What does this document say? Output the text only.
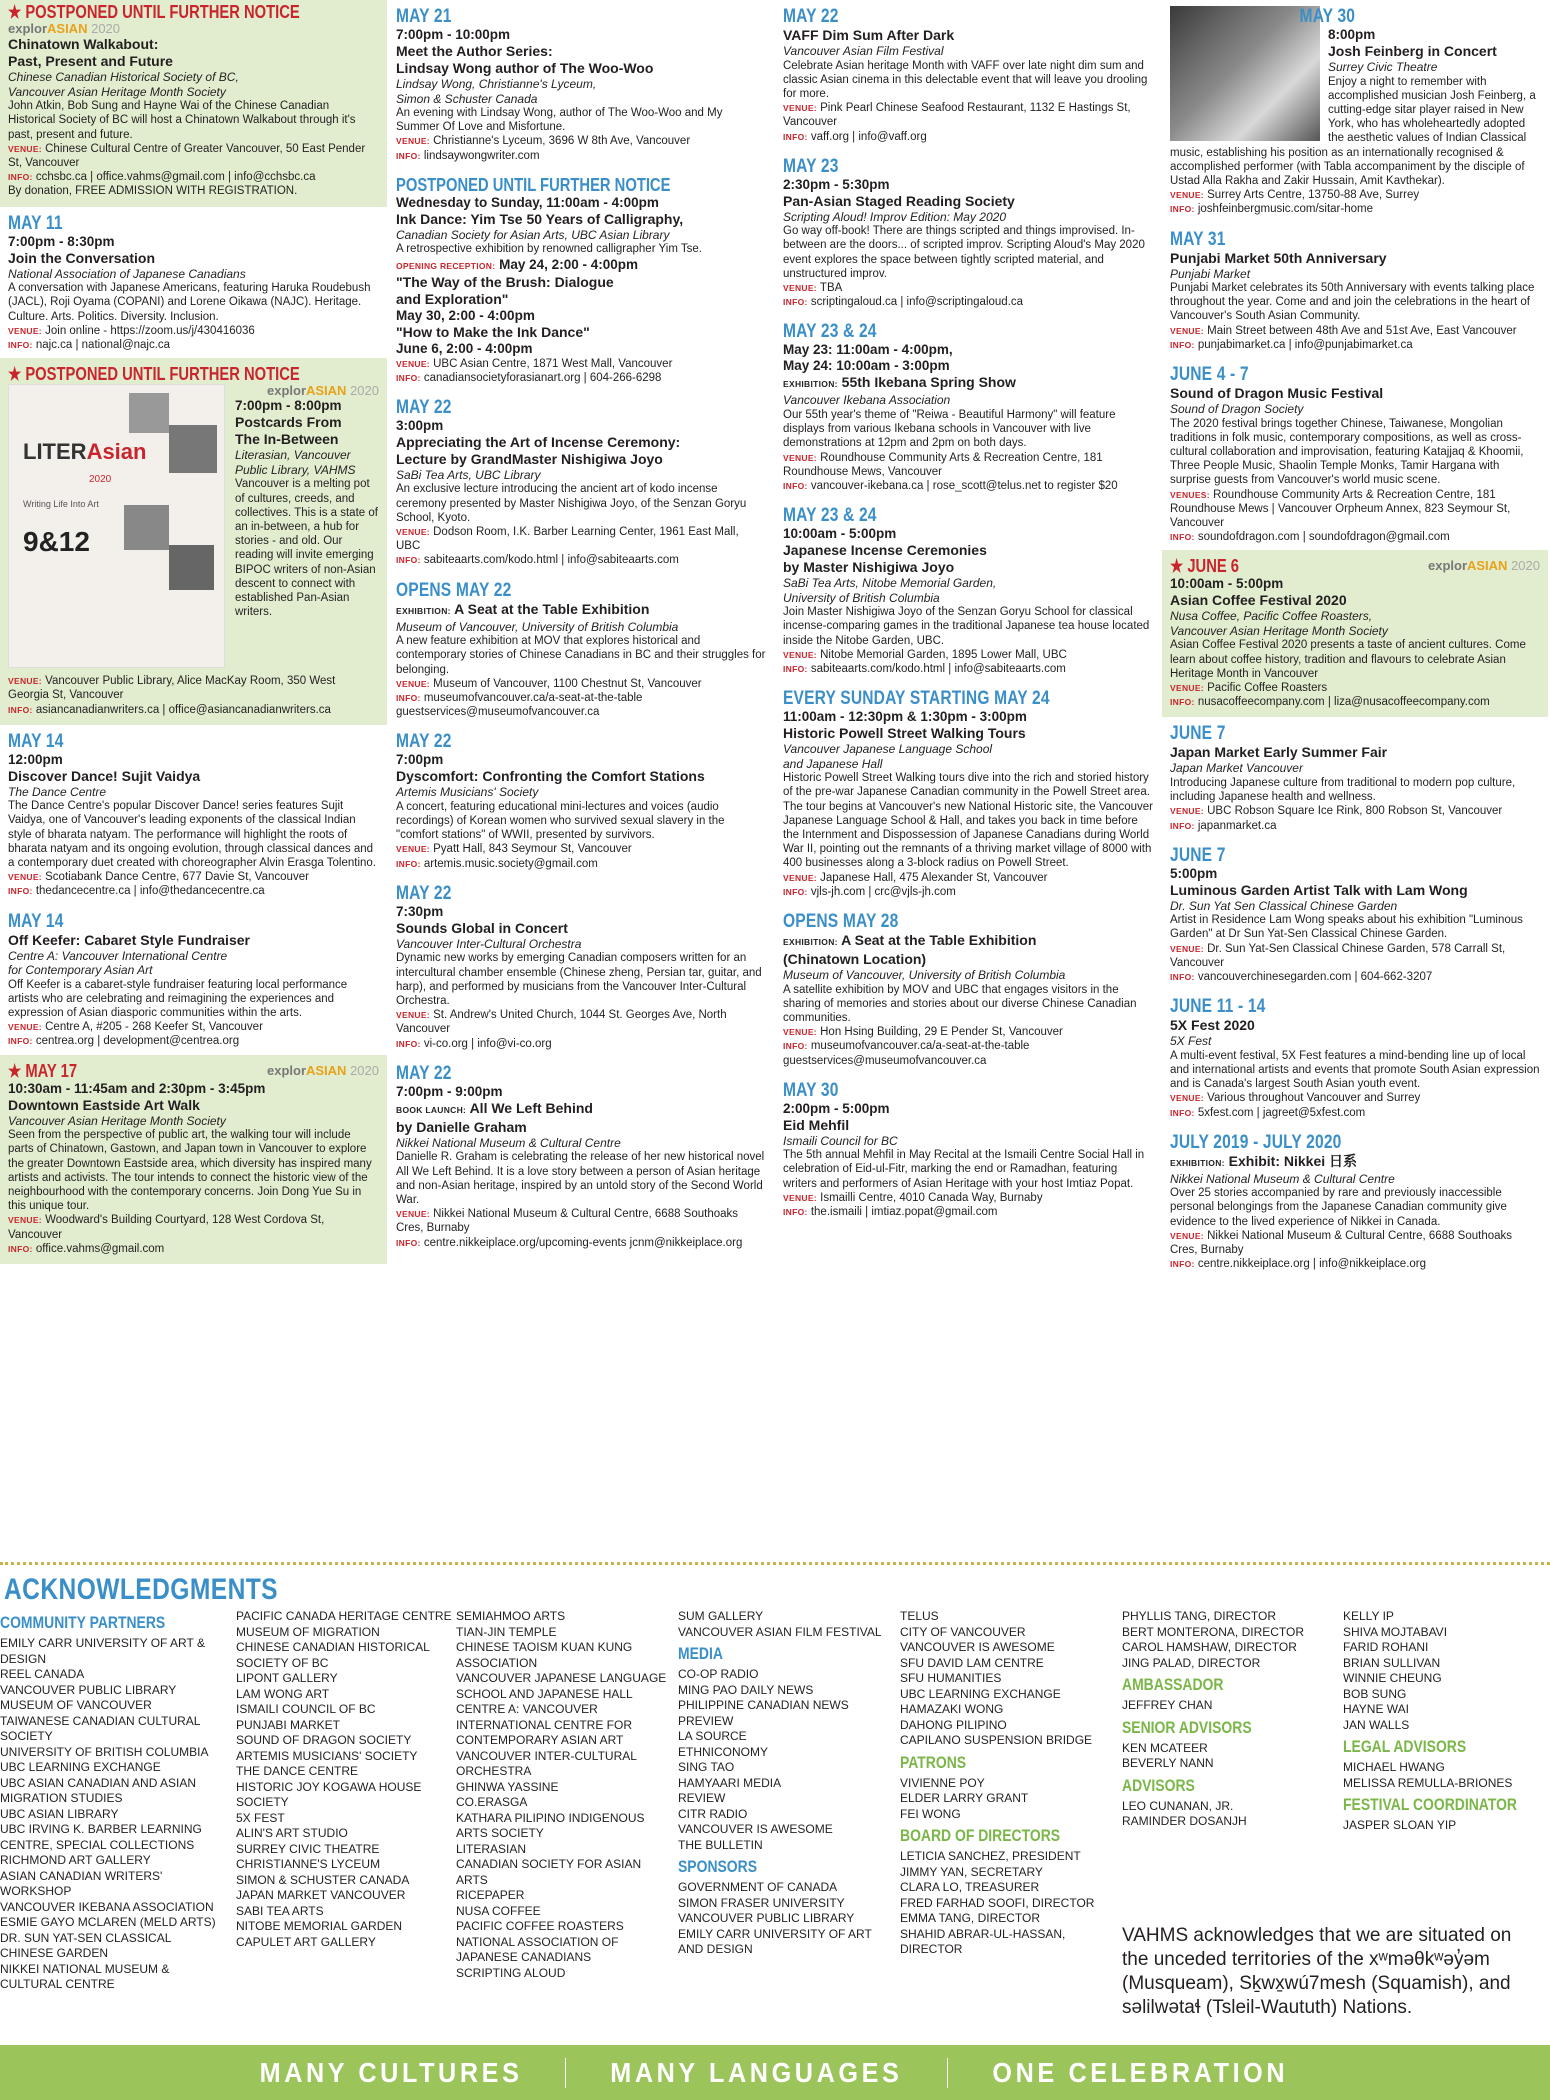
★ POSTPONED UNTIL FURTHER NOTICE
explorASIAN 2020
Chinatown Walkabout:
Past, Present and Future
Chinese Canadian Historical Society of BC,
Vancouver Asian Heritage Month Society
John Atkin, Bob Sung and Hayne Wai of the Chinese Canadian Historical Society of BC will host a Chinatown Walkabout through it's past, present and future.
VENUE: Chinese Cultural Centre of Greater Vancouver, 50 East Pender St, Vancouver
INFO: cchsbc.ca | office.vahms@gmail.com | info@cchsbc.ca
By donation, FREE ADMISSION WITH REGISTRATION.
MAY 11
7:00pm - 8:30pm
Join the Conversation
National Association of Japanese Canadians
A conversation with Japanese Americans, featuring Haruka Roudebush (JACL), Roji Oyama (COPANI) and Lorene Oikawa (NAJC). Heritage. Culture. Arts. Politics. Diversity. Inclusion.
VENUE: Join online - https://zoom.us/j/430416036
INFO: najc.ca | national@najc.ca
★ POSTPONED UNTIL FURTHER NOTICE
LITERAsian
2020
Writing Life Into Art
9&12
explorASIAN 2020
7:00pm - 8:00pm
Postcards From
The In-Between
Literasian, Vancouver
Public Library, VAHMS
Vancouver is a melting pot of cultures, creeds, and collectives. This is a state of an in-between, a hub for stories - and old. Our reading will invite emerging BIPOC writers of non-Asian descent to connect with established Pan-Asian writers.
VENUE: Vancouver Public Library, Alice MacKay Room, 350 West Georgia St, Vancouver
INFO: asiancanadianwriters.ca | office@asiancanadianwriters.ca
MAY 14
12:00pm
Discover Dance! Sujit Vaidya
The Dance Centre
The Dance Centre's popular Discover Dance! series features Sujit Vaidya, one of Vancouver's leading exponents of the classical Indian style of bharata natyam. The performance will highlight the roots of bharata natyam and its ongoing evolution, through classical dances and a contemporary duet created with choreographer Alvin Erasga Tolentino.
VENUE: Scotiabank Dance Centre, 677 Davie St, Vancouver
INFO: thedancecentre.ca | info@thedancecentre.ca
MAY 14
Off Keefer: Cabaret Style Fundraiser
Centre A: Vancouver International Centre
for Contemporary Asian Art
Off Keefer is a cabaret-style fundraiser featuring local performance artists who are celebrating and reimagining the experiences and expression of Asian diasporic communities within the arts.
VENUE: Centre A, #205 - 268 Keefer St, Vancouver
INFO: centrea.org | development@centrea.org
★ MAY 17	explorASIAN 2020
10:30am - 11:45am and 2:30pm - 3:45pm
Downtown Eastside Art Walk
Vancouver Asian Heritage Month Society
Seen from the perspective of public art, the walking tour will include parts of Chinatown, Gastown, and Japan town in Vancouver to explore the greater Downtown Eastside area, which diversity has inspired many artists and activists. The tour intends to connect the historic view of the neighbourhood with the contemporary concerns. Join Dong Yue Su in this unique tour.
VENUE: Woodward's Building Courtyard, 128 West Cordova St, Vancouver
INFO: office.vahms@gmail.com
MAY 21
7:00pm - 10:00pm
Meet the Author Series:
Lindsay Wong author of The Woo-Woo
Lindsay Wong, Christianne's Lyceum,
Simon & Schuster Canada
An evening with Lindsay Wong, author of The Woo-Woo and My Summer Of Love and Misfortune.
VENUE: Christianne's Lyceum, 3696 W 8th Ave, Vancouver
INFO: lindsaywongwriter.com
POSTPONED UNTIL FURTHER NOTICE
Wednesday to Sunday, 11:00am - 4:00pm
Ink Dance: Yim Tse 50 Years of Calligraphy,
Canadian Society for Asian Arts, UBC Asian Library
A retrospective exhibition by renowned calligrapher Yim Tse.
OPENING RECEPTION: May 24, 2:00 - 4:00pm
"The Way of the Brush: Dialogue
and Exploration"
May 30, 2:00 - 4:00pm
"How to Make the Ink Dance"
June 6, 2:00 - 4:00pm
VENUE: UBC Asian Centre, 1871 West Mall, Vancouver
INFO: canadiansocietyforasianart.org | 604-266-6298
MAY 22
3:00pm
Appreciating the Art of Incense Ceremony:
Lecture by GrandMaster Nishigiwa Joyo
SaBi Tea Arts, UBC Library
An exclusive lecture introducing the ancient art of kodo incense ceremony presented by Master Nishigiwa Joyo, of the Senzan Goryu School, Kyoto.
VENUE: Dodson Room, I.K. Barber Learning Center, 1961 East Mall, UBC
INFO: sabiteaarts.com/kodo.html | info@sabiteaarts.com
OPENS MAY 22
EXHIBITION: A Seat at the Table Exhibition
Museum of Vancouver, University of British Columbia
A new feature exhibition at MOV that explores historical and contemporary stories of Chinese Canadians in BC and their struggles for belonging.
VENUE: Museum of Vancouver, 1100 Chestnut St, Vancouver
INFO: museumofvancouver.ca/a-seat-at-the-table guestservices@museumofvancouver.ca
MAY 22
7:00pm
Dyscomfort: Confronting the Comfort Stations
Artemis Musicians' Society
A concert, featuring educational mini-lectures and voices (audio recordings) of Korean women who survived sexual slavery in the "comfort stations" of WWII, presented by survivors.
VENUE: Pyatt Hall, 843 Seymour St, Vancouver
INFO: artemis.music.society@gmail.com
MAY 22
7:30pm
Sounds Global in Concert
Vancouver Inter-Cultural Orchestra
Dynamic new works by emerging Canadian composers written for an intercultural chamber ensemble (Chinese zheng, Persian tar, guitar, and harp), and performed by musicians from the Vancouver Inter-Cultural Orchestra.
VENUE: St. Andrew's United Church, 1044 St. Georges Ave, North Vancouver
INFO: vi-co.org | info@vi-co.org
MAY 22
7:00pm - 9:00pm
BOOK LAUNCH: All We Left Behind
by Danielle Graham
Nikkei National Museum & Cultural Centre
Danielle R. Graham is celebrating the release of her new historical novel All We Left Behind. It is a love story between a person of Asian heritage and non-Asian heritage, inspired by an untold story of the Second World War.
VENUE: Nikkei National Museum & Cultural Centre, 6688 Southoaks Cres, Burnaby
INFO: centre.nikkeiplace.org/upcoming-events jcnm@nikkeiplace.org
MAY 22
VAFF Dim Sum After Dark
Vancouver Asian Film Festival
Celebrate Asian heritage Month with VAFF over late night dim sum and classic Asian cinema in this delectable event that will leave you drooling for more.
VENUE: Pink Pearl Chinese Seafood Restaurant, 1132 E Hastings St, Vancouver
INFO: vaff.org | info@vaff.org
MAY 23
2:30pm - 5:30pm
Pan-Asian Staged Reading Society
Scripting Aloud! Improv Edition: May 2020
Go way off-book! There are things scripted and things improvised. In-between are the doors... of scripted improv. Scripting Aloud's May 2020 event explores the space between tightly scripted material, and unstructured improv.
VENUE: TBA
INFO: scriptingaloud.ca | info@scriptingaloud.ca
MAY 23 & 24
May 23: 11:00am - 4:00pm,
May 24: 10:00am - 3:00pm
EXHIBITION: 55th Ikebana Spring Show
Vancouver Ikebana Association
Our 55th year's theme of "Reiwa - Beautiful Harmony" will feature displays from various Ikebana schools in Vancouver with live demonstrations at 12pm and 2pm on both days.
VENUE: Roundhouse Community Arts & Recreation Centre, 181 Roundhouse Mews, Vancouver
INFO: vancouver-ikebana.ca | rose_scott@telus.net to register $20
MAY 23 & 24
10:00am - 5:00pm
Japanese Incense Ceremonies
by Master Nishigiwa Joyo
SaBi Tea Arts, Nitobe Memorial Garden,
University of British Columbia
Join Master Nishigiwa Joyo of the Senzan Goryu School for classical incense-comparing games in the traditional Japanese tea house located inside the Nitobe Garden, UBC.
VENUE: Nitobe Memorial Garden, 1895 Lower Mall, UBC
INFO: sabiteaarts.com/kodo.html | info@sabiteaarts.com
EVERY SUNDAY STARTING MAY 24
11:00am - 12:30pm & 1:30pm - 3:00pm
Historic Powell Street Walking Tours
Vancouver Japanese Language School
and Japanese Hall
Historic Powell Street Walking tours dive into the rich and storied history of the pre-war Japanese Canadian community in the Powell Street area. The tour begins at Vancouver's new National Historic site, the Vancouver Japanese Language School & Hall, and takes you back in time before the Internment and Dispossession of Japanese Canadians during World War II, pointing out the remnants of a thriving market village of 8000 with 400 businesses along a 3-block radius on Powell Street.
VENUE: Japanese Hall, 475 Alexander St, Vancouver
INFO: vjls-jh.com | crc@vjls-jh.com
OPENS MAY 28
EXHIBITION: A Seat at the Table Exhibition
(Chinatown Location)
Museum of Vancouver, University of British Columbia
A satellite exhibition by MOV and UBC that engages visitors in the sharing of memories and stories about our diverse Chinese Canadian communities.
VENUE: Hon Hsing Building, 29 E Pender St, Vancouver
INFO: museumofvancouver.ca/a-seat-at-the-table guestservices@museumofvancouver.ca
MAY 30
2:00pm - 5:00pm
Eid Mehfil
Ismaili Council for BC
The 5th annual Mehfil in May Recital at the Ismaili Centre Social Hall in celebration of Eid-ul-Fitr, marking the end or Ramadhan, featuring writers and performers of Asian Heritage with your host Imtiaz Popat.
VENUE: Ismailli Centre, 4010 Canada Way, Burnaby
INFO: the.ismaili | imtiaz.popat@gmail.com
MAY 30
8:00pm
Josh Feinberg in Concert
Surrey Civic Theatre
Enjoy a night to remember with accomplished musician Josh Feinberg, a cutting-edge sitar player raised in New York, who has wholeheartedly adopted the aesthetic values of Indian Classical music, establishing his position as an internationally recognised & accomplished performer (with Tabla accompaniment by the disciple of Ustad Alla Rakha and Zakir Hussain, Amit Kavthekar).
VENUE: Surrey Arts Centre, 13750-88 Ave, Surrey
INFO: joshfeinbergmusic.com/sitar-home
MAY 31
Punjabi Market 50th Anniversary
Punjabi Market
Punjabi Market celebrates its 50th Anniversary with events talking place throughout the year. Come and and join the celebrations in the heart of Vancouver's South Asian Community.
VENUE: Main Street between 48th Ave and 51st Ave, East Vancouver
INFO: punjabimarket.ca | info@punjabimarket.ca
JUNE 4 - 7
Sound of Dragon Music Festival
Sound of Dragon Society
The 2020 festival brings together Chinese, Taiwanese, Mongolian traditions in folk music, contemporary compositions, as well as cross-cultural collaboration and improvisation, featuring Katajjaq & Khoomii, Three People Music, Shaolin Temple Monks, Tamir Hargana with surprise guests from Vancouver's world music scene.
VENUES: Roundhouse Community Arts & Recreation Centre, 181 Roundhouse Mews | Vancouver Orpheum Annex, 823 Seymour St, Vancouver
INFO: soundofdragon.com | soundofdragon@gmail.com
★ JUNE 6	explorASIAN 2020
10:00am - 5:00pm
Asian Coffee Festival 2020
Nusa Coffee, Pacific Coffee Roasters,
Vancouver Asian Heritage Month Society
Asian Coffee Festival 2020 presents a taste of ancient cultures. Come learn about coffee history, tradition and flavours to celebrate Asian Heritage Month in Vancouver
VENUE: Pacific Coffee Roasters
INFO: nusacoffeecompany.com | liza@nusacoffeecompany.com
JUNE 7
Japan Market Early Summer Fair
Japan Market Vancouver
Introducing Japanese culture from traditional to modern pop culture, including Japanese health and wellness.
VENUE: UBC Robson Square Ice Rink, 800 Robson St, Vancouver
INFO: japanmarket.ca
JUNE 7
5:00pm
Luminous Garden Artist Talk with Lam Wong
Dr. Sun Yat Sen Classical Chinese Garden
Artist in Residence Lam Wong speaks about his exhibition "Luminous Garden" at Dr Sun Yat-Sen Classical Chinese Garden.
VENUE: Dr. Sun Yat-Sen Classical Chinese Garden, 578 Carrall St, Vancouver
INFO: vancouverchinesegarden.com | 604-662-3207
JUNE 11 - 14
5X Fest 2020
5X Fest
A multi-event festival, 5X Fest features a mind-bending line up of local and international artists and events that promote South Asian expression and is Canada's largest South Asian youth event.
VENUE: Various throughout Vancouver and Surrey
INFO: 5xfest.com | jagreet@5xfest.com
JULY 2019 - JULY 2020
EXHIBITION: Exhibit: Nikkei 日系
Nikkei National Museum & Cultural Centre
Over 25 stories accompanied by rare and previously inaccessible personal belongings from the Japanese Canadian community give evidence to the lived experience of Nikkei in Canada.
VENUE: Nikkei National Museum & Cultural Centre, 6688 Southoaks Cres, Burnaby
INFO: centre.nikkeiplace.org | info@nikkeiplace.org
ACKNOWLEDGMENTS
COMMUNITY PARTNERS
EMILY CARR UNIVERSITY OF ART & DESIGN
REEL CANADA
VANCOUVER PUBLIC LIBRARY
MUSEUM OF VANCOUVER
TAIWANESE CANADIAN CULTURAL SOCIETY
UNIVERSITY OF BRITISH COLUMBIA
UBC LEARNING EXCHANGE
UBC ASIAN CANADIAN AND ASIAN MIGRATION STUDIES
UBC ASIAN LIBRARY
UBC IRVING K. BARBER LEARNING CENTRE, SPECIAL COLLECTIONS
RICHMOND ART GALLERY
ASIAN CANADIAN WRITERS' WORKSHOP
VANCOUVER IKEBANA ASSOCIATION
ESMIE GAYO MCLAREN (MELD ARTS)
DR. SUN YAT-SEN CLASSICAL CHINESE GARDEN
NIKKEI NATIONAL MUSEUM & CULTURAL CENTRE
PACIFIC CANADA HERITAGE CENTRE MUSEUM OF MIGRATION
CHINESE CANADIAN HISTORICAL SOCIETY OF BC
LIPONT GALLERY
LAM WONG ART
ISMAILI COUNCIL OF BC
PUNJABI MARKET
SOUND OF DRAGON SOCIETY
ARTEMIS MUSICIANS' SOCIETY
THE DANCE CENTRE
HISTORIC JOY KOGAWA HOUSE SOCIETY
5X FEST
ALIN'S ART STUDIO
SURREY CIVIC THEATRE
CHRISTIANNE'S LYCEUM
SIMON & SCHUSTER CANADA
JAPAN MARKET VANCOUVER
SABI TEA ARTS
NITOBE MEMORIAL GARDEN
CAPULET ART GALLERY
SEMIAHMOO ARTS
TIAN-JIN TEMPLE
CHINESE TAOISM KUAN KUNG ASSOCIATION
VANCOUVER JAPANESE LANGUAGE SCHOOL AND JAPANESE HALL
CENTRE A: VANCOUVER INTERNATIONAL CENTRE FOR CONTEMPORARY ASIAN ART
VANCOUVER INTER-CULTURAL ORCHESTRA
GHINWA YASSINE
CO.ERASGA
KATHARA PILIPINO INDIGENOUS ARTS SOCIETY
LITERASIAN
CANADIAN SOCIETY FOR ASIAN ARTS
RICEPAPER
NUSA COFFEE
PACIFIC COFFEE ROASTERS
NATIONAL ASSOCIATION OF JAPANESE CANADIANS
SCRIPTING ALOUD
SUM GALLERY
VANCOUVER ASIAN FILM FESTIVAL
MEDIA
CO-OP RADIO
MING PAO DAILY NEWS
PHILIPPINE CANADIAN NEWS
PREVIEW
LA SOURCE
ETHNICONOMY
SING TAO
HAMYAARI MEDIA
REVIEW
CITR RADIO
VANCOUVER IS AWESOME
THE BULLETIN
SPONSORS
GOVERNMENT OF CANADA
SIMON FRASER UNIVERSITY
VANCOUVER PUBLIC LIBRARY
EMILY CARR UNIVERSITY OF ART AND DESIGN
TELUS
CITY OF VANCOUVER
VANCOUVER IS AWESOME
SFU DAVID LAM CENTRE
SFU HUMANITIES
UBC LEARNING EXCHANGE
HAMAZAKI WONG
DAHONG PILIPINO
CAPILANO SUSPENSION BRIDGE
PATRONS
VIVIENNE POY
ELDER LARRY GRANT
FEI WONG
BOARD OF DIRECTORS
LETICIA SANCHEZ, PRESIDENT
JIMMY YAN, SECRETARY
CLARA LO, TREASURER
FRED FARHAD SOOFI, DIRECTOR
EMMA TANG, DIRECTOR
SHAHID ABRAR-UL-HASSAN, DIRECTOR
PHYLLIS TANG, DIRECTOR
BERT MONTERONA, DIRECTOR
CAROL HAMSHAW, DIRECTOR
JING PALAD, DIRECTOR
AMBASSADOR
JEFFREY CHAN
SENIOR ADVISORS
KEN MCATEER
BEVERLY NANN
ADVISORS
LEO CUNANAN, JR.
RAMINDER DOSANJH
KELLY IP
SHIVA MOJTABAVI
FARID ROHANI
BRIAN SULLIVAN
WINNIE CHEUNG
BOB SUNG
HAYNE WAI
JAN WALLS
LEGAL ADVISORS
MICHAEL HWANG
MELISSA REMULLA-BRIONES
FESTIVAL COORDINATOR
JASPER SLOAN YIP
VAHMS acknowledges that we are situated on the unceded territories of the xʷməθkʷəy̓əm (Musqueam), Sḵwx̱wú7mesh (Squamish), and səlilwətaɬ (Tsleil-Waututh) Nations.
MANY CULTURES	MANY LANGUAGES	ONE CELEBRATION
